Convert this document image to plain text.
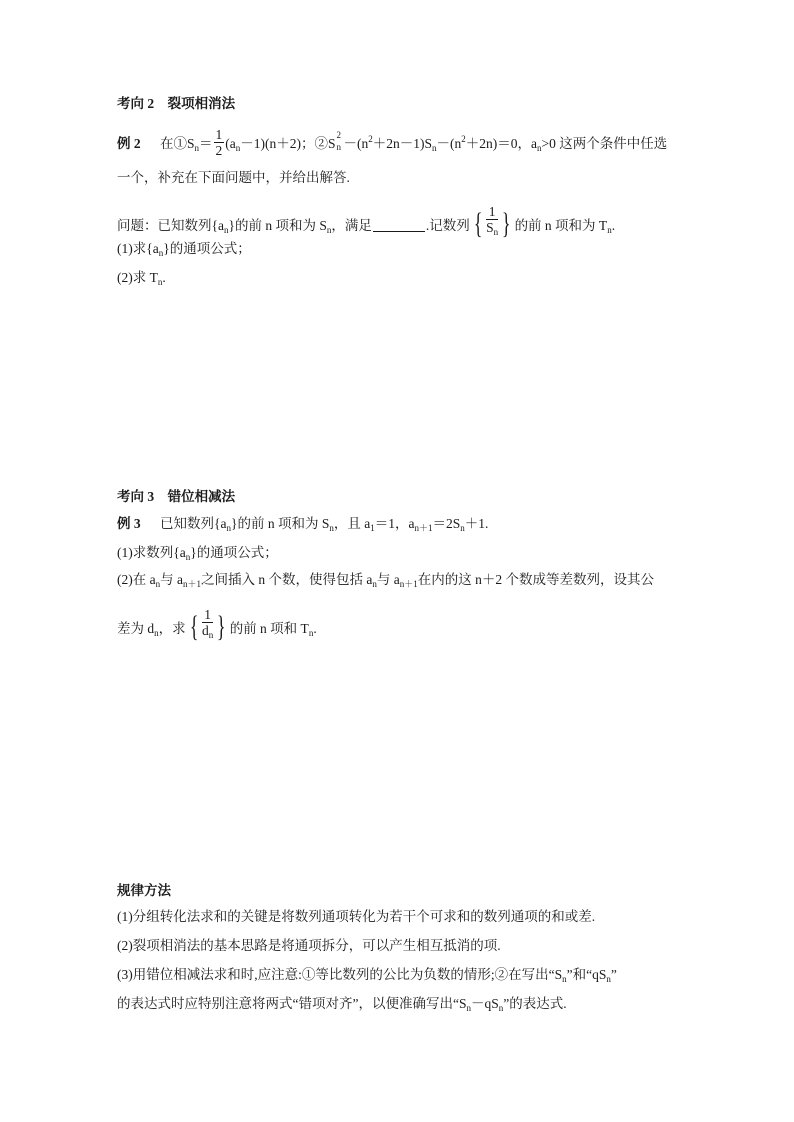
考向 2　裂项相消法
例 2 在$①S_n= \frac{1}{2} (a_n-1)(n+2)$；②S
2
$n -(n^2+2n-1)S_n-(n^2+2n)=0$，$a_n>0$ 这两个条件中任选
一个，补充在下面问题中，并给出解答.
问题：已知数列$\{a_n\}$的前 n 项和为 $S_n$，满足	.记数列 { $\frac{1}{S_n}$ } 的前 n 项和为 $T_n$.
(1)求$\{a_n\}$的通项公式；
(2)求 $T_n$.
考向 3　错位相减法
例 3 已知数列$\{a_n\}$的前 n 项和为 $S_n$，且 $a_1=1$，$a_{n+1}=2S_n+1$.
(1)求数列$\{a_n\}$的通项公式；
(2)在 $a_n$与 $a_{n+1}$之间插入 n 个数，使得包括 $a_n$与 $a_{n+1}$在内的这 n＋2 个数成等差数列，设其公
差为 $d_n$，求 { $\frac{1}{d_n}$ } 的前 n 项和 $T_n$.
规律方法
(1)分组转化法求和的关键是将数列通项转化为若干个可求和的数列通项的和或差.
(2)裂项相消法的基本思路是将通项拆分，可以产生相互抵消的项.
(3)用错位相减法求和时,应注意:①等比数列的公比为负数的情形;②在写出“$S_n$”和“$qS_n$”
的表达式时应特别注意将两式“错项对齐”，以便准确写出“$S_n-qS_n$”的表达式.
